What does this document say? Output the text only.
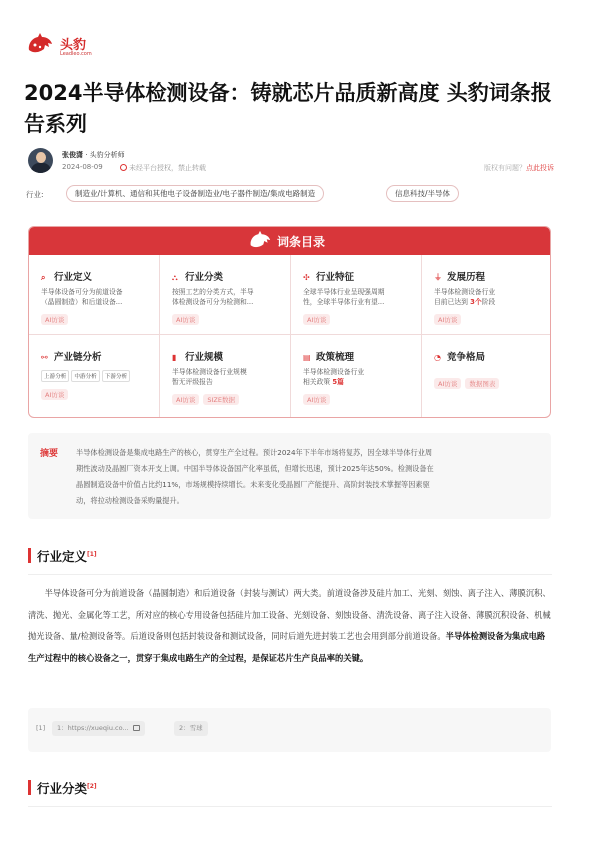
头豹
Leadleo.com
2024半导体检测设备：铸就芯片品质新高度 头豹词条报告系列
张俊潇 · 头豹分析师
2024-08-09	未经平台授权，禁止转载	版权有问题？点此投诉
行业:	制造业/计算机、通信和其他电子设备制造业/电子器件制造/集成电路制造	信息科技/半导体
词条目录
⌕ 行业定义
半导体设备可分为前道设备
（晶圆制造）和后道设备...
AI访谈
⛬ 行业分类
按照工艺的分类方式，半导
体检测设备可分为检测和...
AI访谈
✣ 行业特征
全球半导体行业呈现强周期
性，全球半导体行业有望...
AI访谈
⏚ 发展历程
半导体检测设备行业
目前已达到 3个阶段
AI访谈
⚯ 产业链分析
上游分析 中游分析 下游分析
AI访谈
▮ 行业规模
半导体检测设备行业规模
暂无评级报告
AI访谈 SIZE数据
▤ 政策梳理
半导体检测设备行业
相关政策 5篇
AI访谈
◔ 竞争格局
AI访谈 数据图表
摘要 半导体检测设备是集成电路生产的核心，贯穿生产全过程。预计2024年下半年市场将复苏，因全球半导体行业周
期性波动及晶圆厂资本开支上调。中国半导体设备国产化率虽低，但增长迅速，预计2025年达50%。检测设备在
晶圆制造设备中价值占比约11%，市场规模持续增长。未来变化受晶圆厂产能提升、高阶封装技术掌握等因素驱
动，将拉动检测设备采购量提升。
行业定义[1]
半导体设备可分为前道设备（晶圆制造）和后道设备（封装与测试）两大类。前道设备涉及硅片加工、光刻、刻蚀、离子注入、薄膜沉积、清洗、抛光、金属化等工艺，所对应的核心专用设备包括硅片加工设备、光刻设备、刻蚀设备、清洗设备、离子注入设备、薄膜沉积设备、机械抛光设备、量/检测设备等。后道设备则包括封装设备和测试设备，同时后道先进封装工艺也会用到部分前道设备。半导体检测设备为集成电路生产过程中的核心设备之一，贯穿于集成电路生产的全过程，是保证芯片生产良品率的关键。
[1]	1：https://xueqiu.co...	2：雪球
行业分类[2]
